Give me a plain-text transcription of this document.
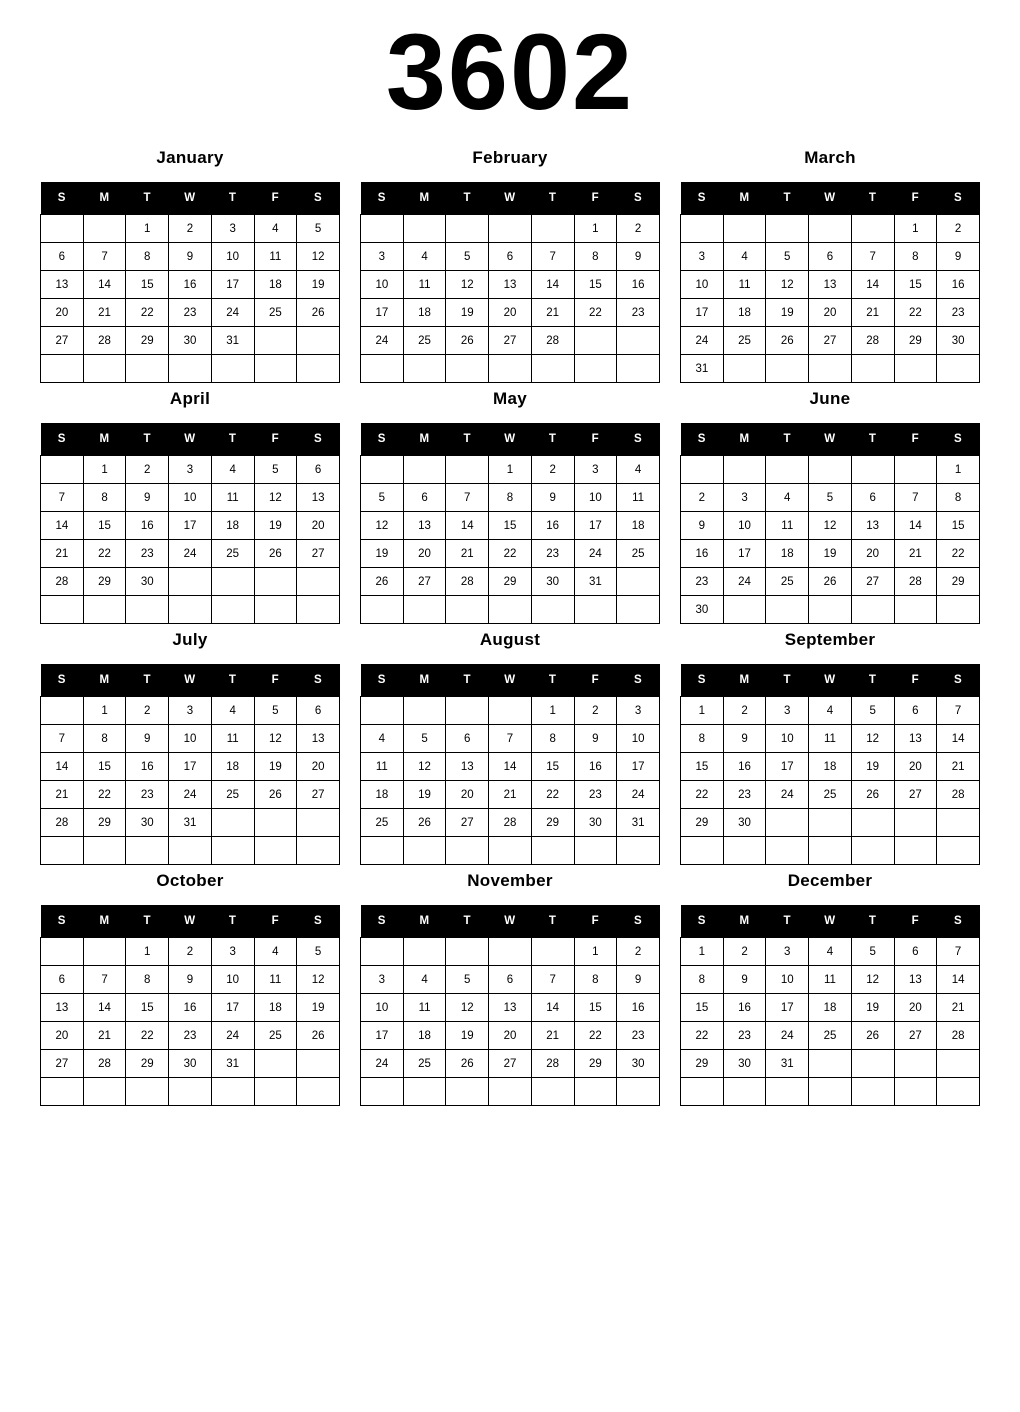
3602
January
S	M	T	W	T	F	S
		1	2	3	4	5
6	7	8	9	10	11	12
13	14	15	16	17	18	19
20	21	22	23	24	25	26
27	28	29	30	31		

February
S	M	T	W	T	F	S
					1	2
3	4	5	6	7	8	9
10	11	12	13	14	15	16
17	18	19	20	21	22	23
24	25	26	27	28		

March
S	M	T	W	T	F	S
					1	2
3	4	5	6	7	8	9
10	11	12	13	14	15	16
17	18	19	20	21	22	23
24	25	26	27	28	29	30
31						
April
S	M	T	W	T	F	S
	1	2	3	4	5	6
7	8	9	10	11	12	13
14	15	16	17	18	19	20
21	22	23	24	25	26	27
28	29	30				

May
S	M	T	W	T	F	S
			1	2	3	4
5	6	7	8	9	10	11
12	13	14	15	16	17	18
19	20	21	22	23	24	25
26	27	28	29	30	31	

June
S	M	T	W	T	F	S
						1
2	3	4	5	6	7	8
9	10	11	12	13	14	15
16	17	18	19	20	21	22
23	24	25	26	27	28	29
30						
July
S	M	T	W	T	F	S
	1	2	3	4	5	6
7	8	9	10	11	12	13
14	15	16	17	18	19	20
21	22	23	24	25	26	27
28	29	30	31			

August
S	M	T	W	T	F	S
				1	2	3
4	5	6	7	8	9	10
11	12	13	14	15	16	17
18	19	20	21	22	23	24
25	26	27	28	29	30	31

September
S	M	T	W	T	F	S
1	2	3	4	5	6	7
8	9	10	11	12	13	14
15	16	17	18	19	20	21
22	23	24	25	26	27	28
29	30					

October
S	M	T	W	T	F	S
		1	2	3	4	5
6	7	8	9	10	11	12
13	14	15	16	17	18	19
20	21	22	23	24	25	26
27	28	29	30	31		

November
S	M	T	W	T	F	S
					1	2
3	4	5	6	7	8	9
10	11	12	13	14	15	16
17	18	19	20	21	22	23
24	25	26	27	28	29	30

December
S	M	T	W	T	F	S
1	2	3	4	5	6	7
8	9	10	11	12	13	14
15	16	17	18	19	20	21
22	23	24	25	26	27	28
29	30	31				
